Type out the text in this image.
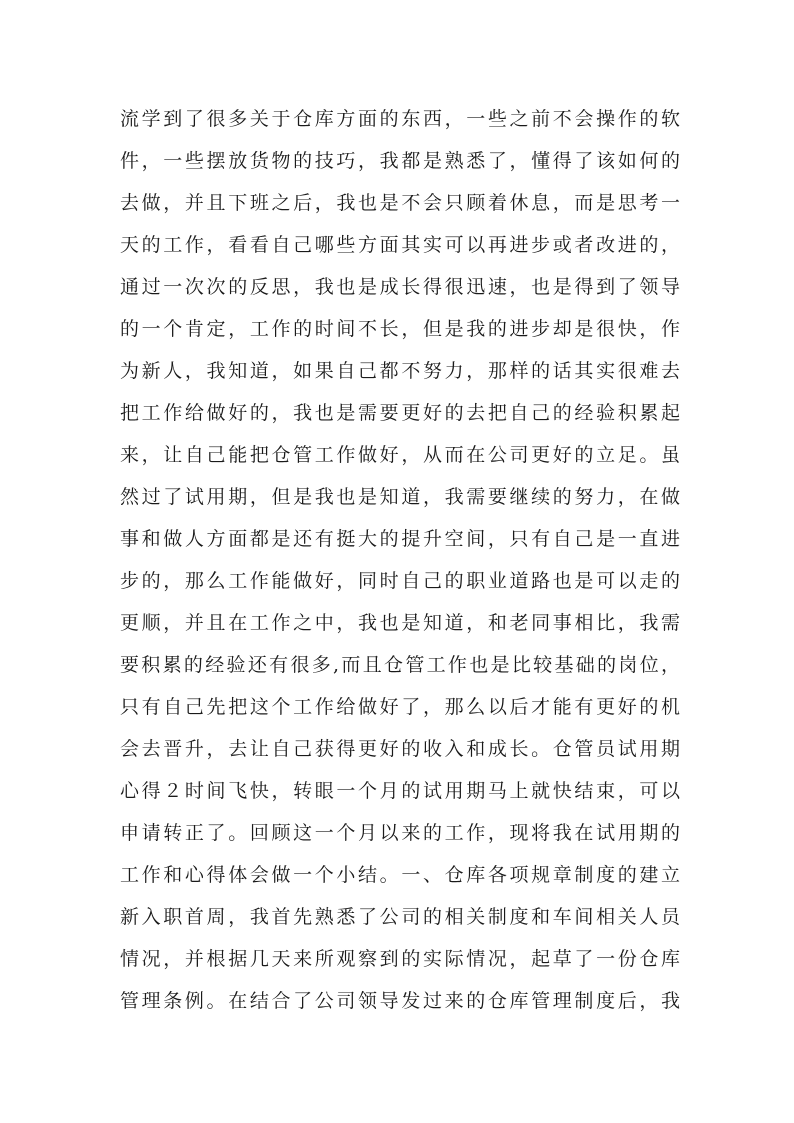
流学到了很多关于仓库方面的东西，一些之前不会操作的软
件，一些摆放货物的技巧，我都是熟悉了，懂得了该如何的
去做，并且下班之后，我也是不会只顾着休息，而是思考一
天的工作，看看自己哪些方面其实可以再进步或者改进的，
通过一次次的反思，我也是成长得很迅速，也是得到了领导
的一个肯定，工作的时间不长，但是我的进步却是很快，作
为新人，我知道，如果自己都不努力，那样的话其实很难去
把工作给做好的，我也是需要更好的去把自己的经验积累起
来，让自己能把仓管工作做好，从而在公司更好的立足。虽
然过了试用期，但是我也是知道，我需要继续的努力，在做
事和做人方面都是还有挺大的提升空间，只有自己是一直进
步的，那么工作能做好，同时自己的职业道路也是可以走的
更顺，并且在工作之中，我也是知道，和老同事相比，我需
要积累的经验还有很多,而且仓管工作也是比较基础的岗位，
只有自己先把这个工作给做好了，那么以后才能有更好的机
会去晋升，去让自己获得更好的收入和成长。仓管员试用期
心得２时间飞快，转眼一个月的试用期马上就快结束，可以
申请转正了。回顾这一个月以来的工作，现将我在试用期的
工作和心得体会做一个小结。一、仓库各项规章制度的建立
新入职首周，我首先熟悉了公司的相关制度和车间相关人员
情况，并根据几天来所观察到的实际情况，起草了一份仓库
管理条例。在结合了公司领导发过来的仓库管理制度后，我
